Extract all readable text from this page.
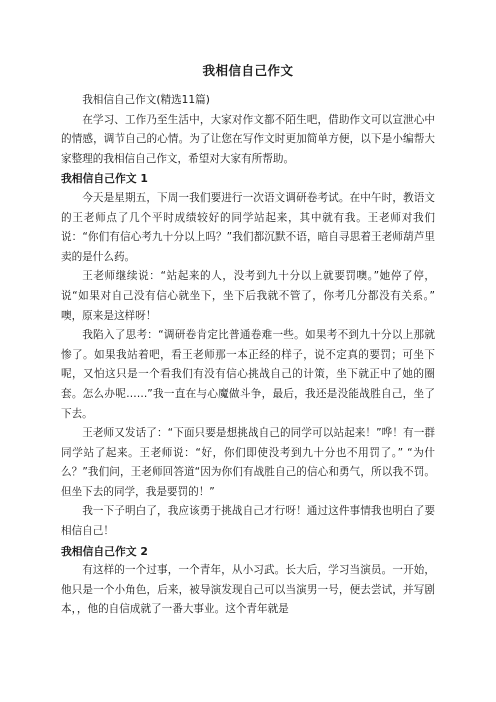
我相信自己作文

我相信自己作文(精选11篇)

在学习、工作乃至生活中，大家对作文都不陌生吧，借助作文可以宣泄心中的情感，调节自己的心情。为了让您在写作文时更加简单方便，以下是小编帮大家整理的我相信自己作文，希望对大家有所帮助。

我相信自己作文 1

今天是星期五，下周一我们要进行一次语文调研卷考试。在中午时，教语文的王老师点了几个平时成绩较好的同学站起来，其中就有我。王老师对我们说：“你们有信心考九十分以上吗？”我们都沉默不语，暗自寻思着王老师葫芦里卖的是什么药。

王老师继续说：“站起来的人，没考到九十分以上就要罚噢。”她停了停，说“如果对自己没有信心就坐下，坐下后我就不管了，你考几分都没有关系。” 噢，原来是这样呀！

我陷入了思考：“调研卷肯定比普通卷难一些。如果考不到九十分以上那就惨了。如果我站着吧，看王老师那一本正经的样子，说不定真的要罚；可坐下呢，又怕这只是一个看我们有没有信心挑战自己的计策，坐下就正中了她的圈套。怎么办呢……”我一直在与心魔做斗争，最后，我还是没能战胜自己，坐了下去。

王老师又发话了：“下面只要是想挑战自己的同学可以站起来！”哗！有一群同学站了起来。王老师说：“好，你们即使没考到九十分也不用罚了。” “为什么？”我们问，王老师回答道“因为你们有战胜自己的信心和勇气，所以我不罚。但坐下去的同学，我是要罚的！”

我一下子明白了，我应该勇于挑战自己才行呀！通过这件事情我也明白了要相信自己！

我相信自己作文 2

有这样的一个过事，一个青年，从小习武。长大后，学习当演员。一开始，他只是一个小角色，后来，被导演发现自己可以当演男一号，便去尝试，并写剧本，，他的自信成就了一番大事业。这个青年就是
